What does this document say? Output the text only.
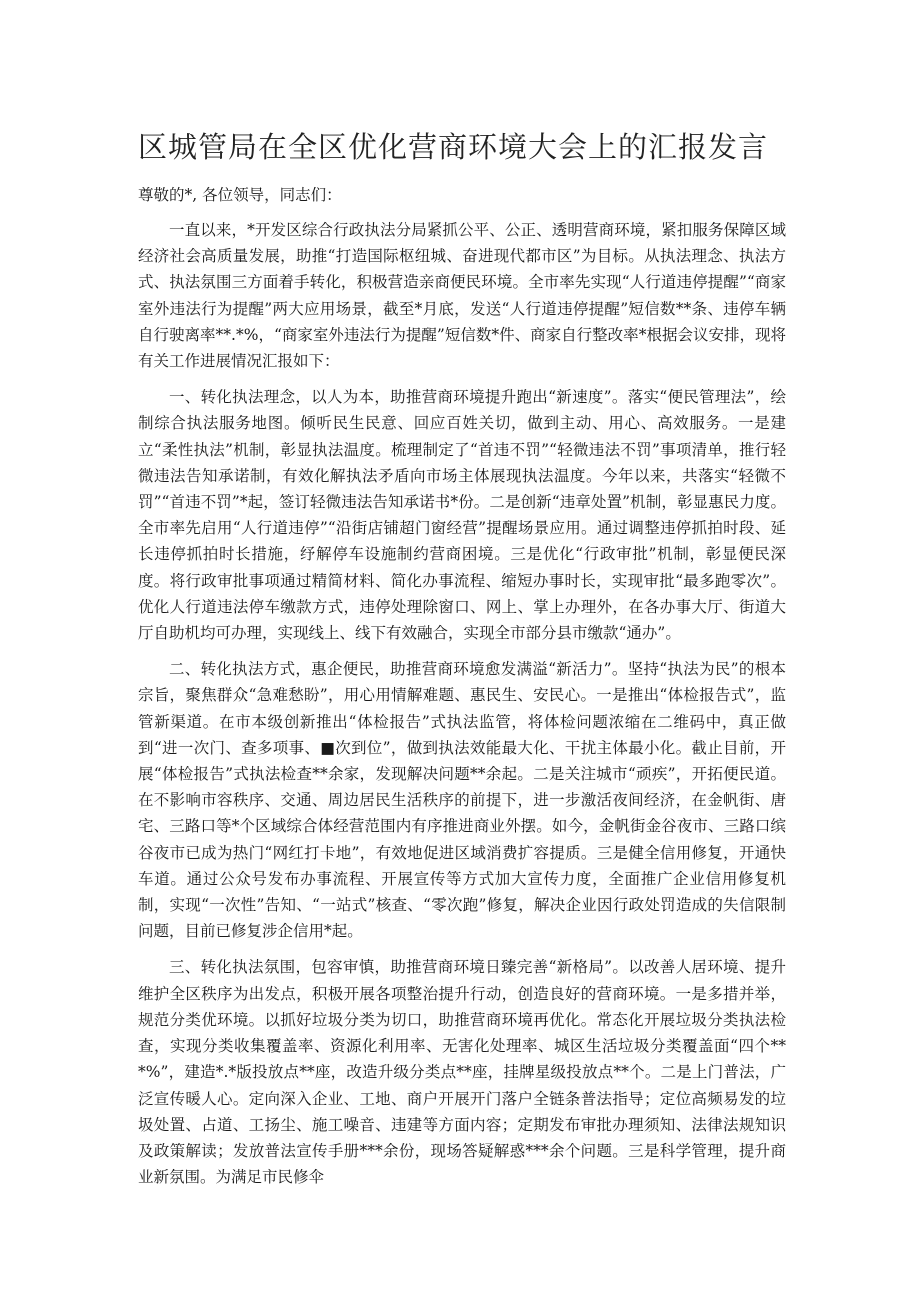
区城管局在全区优化营商环境大会上的汇报发言

尊敬的*, 各位领导，同志们：

一直以来，*开发区综合行政执法分局紧抓公平、公正、透明营商环境，紧扣服务保障区域经济社会高质量发展，助推“打造国际枢纽城、奋进现代都市区”为目标。从执法理念、执法方式、执法氛围三方面着手转化，积极营造亲商便民环境。全市率先实现“人行道违停提醒”“商家室外违法行为提醒”两大应用场景，截至*月底，发送“人行道违停提醒”短信数**条、违停车辆自行驶离率**.*%，“商家室外违法行为提醒”短信数*件、商家自行整改率*根据会议安排，现将有关工作进展情况汇报如下：

一、转化执法理念，以人为本，助推营商环境提升跑出“新速度”。落实“便民管理法”，绘制综合执法服务地图。倾听民生民意、回应百姓关切，做到主动、用心、高效服务。一是建立“柔性执法”机制，彰显执法温度。梳理制定了“首违不罚”“轻微违法不罚”事项清单，推行轻微违法告知承诺制，有效化解执法矛盾向市场主体展现执法温度。今年以来，共落实“轻微不罚”“首违不罚”*起，签订轻微违法告知承诺书*份。二是创新“违章处置”机制，彰显惠民力度。全市率先启用“人行道违停”“沿街店铺超门窗经营”提醒场景应用。通过调整违停抓拍时段、延长违停抓拍时长措施，纾解停车设施制约营商困境。三是优化“行政审批”机制，彰显便民深度。将行政审批事项通过精简材料、简化办事流程、缩短办事时长，实现审批“最多跑零次”。优化人行道违法停车缴款方式，违停处理除窗口、网上、掌上办理外，在各办事大厅、街道大厅自助机均可办理，实现线上、线下有效融合，实现全市部分县市缴款“通办”。

二、转化执法方式，惠企便民，助推营商环境愈发满溢“新活力”。坚持“执法为民”的根本宗旨，聚焦群众“急难愁盼”，用心用情解难题、惠民生、安民心。一是推出“体检报告式”，监管新渠道。在市本级创新推出“体检报告”式执法监管，将体检问题浓缩在二维码中，真正做到“进一次门、查多项事、■次到位”，做到执法效能最大化、干扰主体最小化。截止目前，开展“体检报告”式执法检查**余家，发现解决问题**余起。二是关注城市“顽疾”，开拓便民道。在不影响市容秩序、交通、周边居民生活秩序的前提下，进一步激活夜间经济，在金帆街、唐宅、三路口等*个区域综合体经营范围内有序推进商业外摆。如今，金帆街金谷夜市、三路口缤谷夜市已成为热门“网红打卡地”，有效地促进区域消费扩容提质。三是健全信用修复，开通快车道。通过公众号发布办事流程、开展宣传等方式加大宣传力度，全面推广企业信用修复机制，实现“一次性”告知、“一站式”核查、“零次跑”修复，解决企业因行政处罚造成的失信限制问题，目前已修复涉企信用*起。

三、转化执法氛围，包容审慎，助推营商环境日臻完善“新格局”。以改善人居环境、提升维护全区秩序为出发点，积极开展各项整治提升行动，创造良好的营商环境。一是多措并举，规范分类优环境。以抓好垃圾分类为切口，助推营商环境再优化。常态化开展垃圾分类执法检查，实现分类收集覆盖率、资源化利用率、无害化处理率、城区生活垃圾分类覆盖面“四个***%”，建造*.*版投放点**座，改造升级分类点**座，挂牌星级投放点**个。二是上门普法，广泛宣传暖人心。定向深入企业、工地、商户开展开门落户全链条普法指导；定位高频易发的垃圾处置、占道、工扬尘、施工噪音、违建等方面内容；定期发布审批办理须知、法律法规知识及政策解读；发放普法宣传手册***余份，现场答疑解惑***余个问题。三是科学管理，提升商业新氛围。为满足市民修伞
